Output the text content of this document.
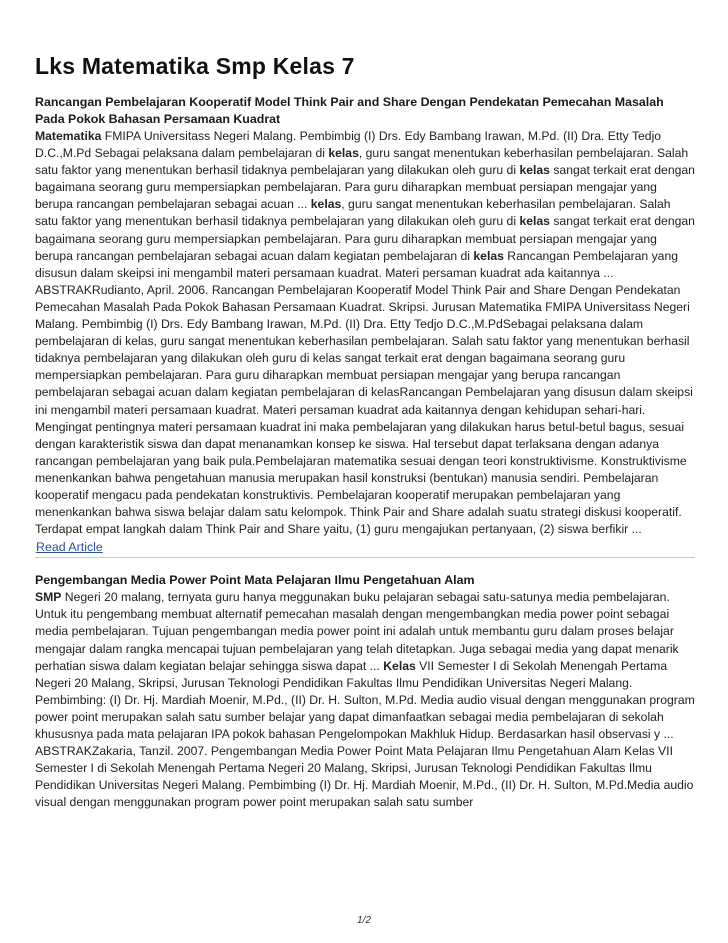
Lks Matematika Smp Kelas 7
Rancangan Pembelajaran Kooperatif Model Think Pair and Share Dengan Pendekatan Pemecahan Masalah Pada Pokok Bahasan Persamaan Kuadrat

Matematika FMIPA Universitass Negeri Malang. Pembimbig (I) Drs. Edy Bambang Irawan, M.Pd. (II) Dra. Etty Tedjo D.C.,M.Pd Sebagai pelaksana dalam pembelajaran di kelas, guru sangat menentukan keberhasilan pembelajaran. Salah satu faktor yang menentukan berhasil tidaknya pembelajaran yang dilakukan oleh guru di kelas sangat terkait erat dengan bagaimana seorang guru mempersiapkan pembelajaran. Para guru diharapkan membuat persiapan mengajar yang berupa rancangan pembelajaran sebagai acuan ... kelas, guru sangat menentukan keberhasilan pembelajaran. Salah satu faktor yang menentukan berhasil tidaknya pembelajaran yang dilakukan oleh guru di kelas sangat terkait erat dengan bagaimana seorang guru mempersiapkan pembelajaran. Para guru diharapkan membuat persiapan mengajar yang berupa rancangan pembelajaran sebagai acuan dalam kegiatan pembelajaran di kelas Rancangan Pembelajaran yang disusun dalam skeipsi ini mengambil materi persamaan kuadrat. Materi persaman kuadrat ada kaitannya ...

ABSTRAKRudianto, April. 2006. Rancangan Pembelajaran Kooperatif Model Think Pair and Share Dengan Pendekatan Pemecahan Masalah Pada Pokok Bahasan Persamaan Kuadrat. Skripsi. Jurusan Matematika FMIPA Universitass Negeri Malang. Pembimbig (I) Drs. Edy Bambang Irawan, M.Pd. (II) Dra. Etty Tedjo D.C.,M.PdSebagai pelaksana dalam pembelajaran di kelas, guru sangat menentukan keberhasilan pembelajaran. Salah satu faktor yang menentukan berhasil tidaknya pembelajaran yang dilakukan oleh guru di kelas sangat terkait erat dengan bagaimana seorang guru mempersiapkan pembelajaran. Para guru diharapkan membuat persiapan mengajar yang berupa rancangan pembelajaran sebagai acuan dalam kegiatan pembelajaran di kelasRancangan Pembelajaran yang disusun dalam skeipsi ini mengambil materi persamaan kuadrat. Materi persaman kuadrat ada kaitannya dengan kehidupan sehari-hari. Mengingat pentingnya materi persamaan kuadrat ini maka pembelajaran yang dilakukan harus betul-betul bagus, sesuai dengan karakteristik siswa dan dapat menanamkan konsep ke siswa. Hal tersebut dapat terlaksana dengan adanya rancangan pembelajaran yang baik pula.Pembelajaran matematika sesuai dengan teori konstruktivisme. Konstruktivisme menenkankan bahwa pengetahuan manusia merupakan hasil konstruksi (bentukan) manusia sendiri. Pembelajaran kooperatif mengacu pada pendekatan konstruktivis. Pembelajaran kooperatif merupakan pembelajaran yang menenkankan bahwa siswa belajar dalam satu kelompok. Think Pair and Share adalah suatu strategi diskusi kooperatif. Terdapat empat langkah dalam Think Pair and Share yaitu, (1) guru mengajukan pertanyaan, (2) siswa berfikir ...

Read Article
Pengembangan Media Power Point Mata Pelajaran Ilmu Pengetahuan Alam

SMP Negeri 20 malang, ternyata guru hanya meggunakan buku pelajaran sebagai satu-satunya media pembelajaran. Untuk itu pengembang membuat alternatif pemecahan masalah dengan mengembangkan media power point sebagai media pembelajaran. Tujuan pengembangan media power point ini adalah untuk membantu guru dalam proses belajar mengajar dalam rangka mencapai tujuan pembelajaran yang telah ditetapkan. Juga sebagai media yang dapat menarik perhatian siswa dalam kegiatan belajar sehingga siswa dapat ... Kelas VII Semester I di Sekolah Menengah Pertama Negeri 20 Malang, Skripsi, Jurusan Teknologi Pendidikan Fakultas Ilmu Pendidikan Universitas Negeri Malang. Pembimbing: (I) Dr. Hj. Mardiah Moenir, M.Pd., (II) Dr. H. Sulton, M.Pd. Media audio visual dengan menggunakan program power point merupakan salah satu sumber belajar yang dapat dimanfaatkan sebagai media pembelajaran di sekolah khususnya pada mata pelajaran IPA pokok bahasan Pengelompokan Makhluk Hidup. Berdasarkan hasil observasi y ...

ABSTRAKZakaria, Tanzil. 2007. Pengembangan Media Power Point Mata Pelajaran Ilmu Pengetahuan Alam Kelas VII Semester I di Sekolah Menengah Pertama Negeri 20 Malang, Skripsi, Jurusan Teknologi Pendidikan Fakultas Ilmu Pendidikan Universitas Negeri Malang. Pembimbing (I) Dr. Hj. Mardiah Moenir, M.Pd., (II) Dr. H. Sulton, M.Pd.Media audio visual dengan menggunakan program power point merupakan salah satu sumber

1/2
